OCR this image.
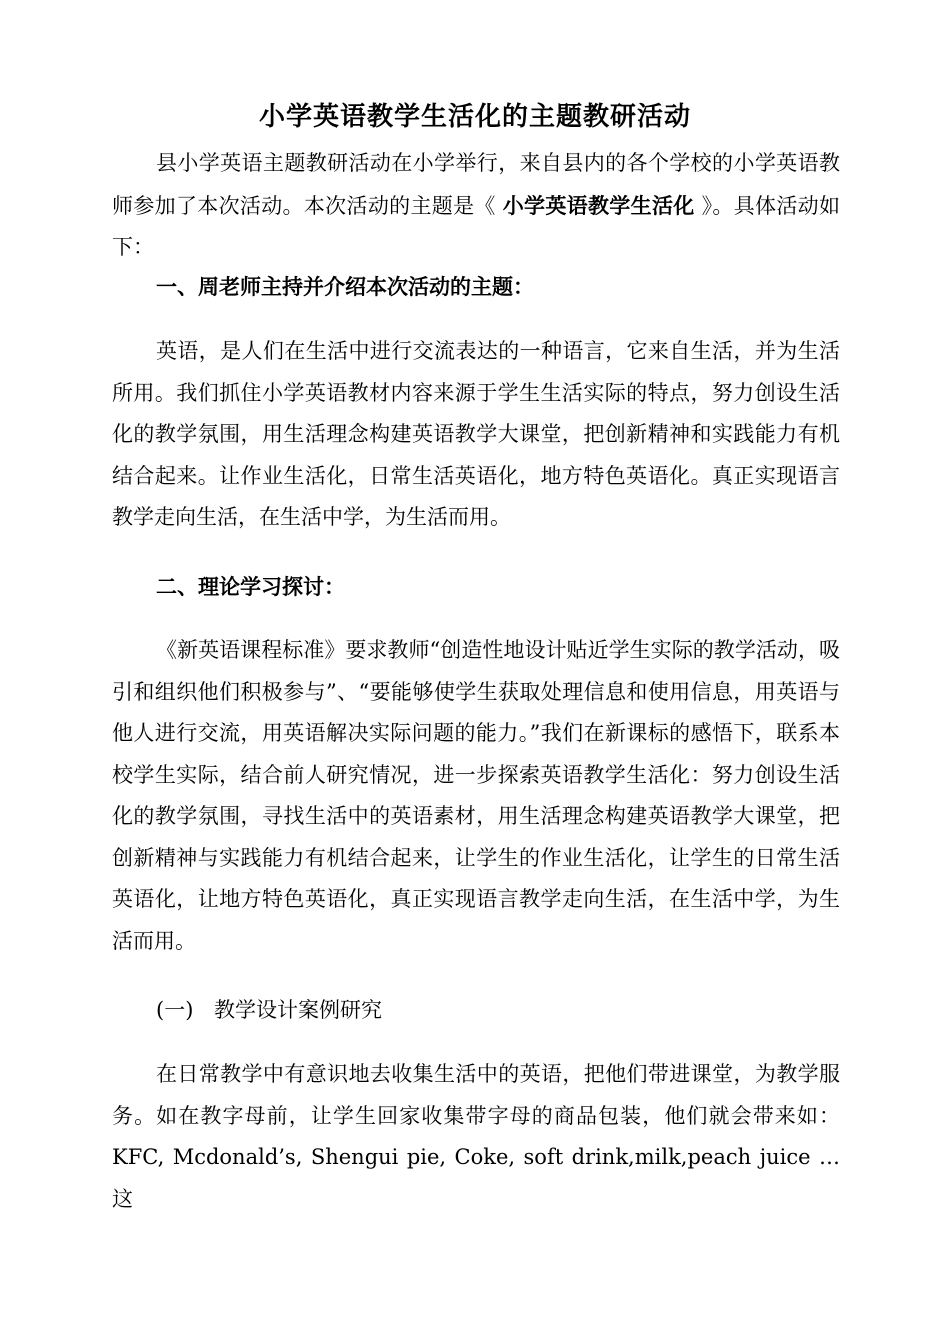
小学英语教学生活化的主题教研活动

县小学英语主题教研活动在小学举行，来自县内的各个学校的小学英语教师参加了本次活动。本次活动的主题是《 小学英语教学生活化 》。具体活动如下：

一、周老师主持并介绍本次活动的主题：

英语，是人们在生活中进行交流表达的一种语言，它来自生活，并为生活所用。我们抓住小学英语教材内容来源于学生生活实际的特点，努力创设生活化的教学氛围，用生活理念构建英语教学大课堂，把创新精神和实践能力有机结合起来。让作业生活化，日常生活英语化，地方特色英语化。真正实现语言教学走向生活，在生活中学，为生活而用。

二、理论学习探讨：

《新英语课程标准》要求教师“创造性地设计贴近学生实际的教学活动，吸引和组织他们积极参与”、“要能够使学生获取处理信息和使用信息，用英语与他人进行交流，用英语解决实际问题的能力。”我们在新课标的感悟下，联系本校学生实际，结合前人研究情况，进一步探索英语教学生活化：努力创设生活化的教学氛围，寻找生活中的英语素材，用生活理念构建英语教学大课堂，把创新精神与实践能力有机结合起来，让学生的作业生活化，让学生的日常生活英语化，让地方特色英语化，真正实现语言教学走向生活，在生活中学，为生活而用。

(一) 教学设计案例研究

在日常教学中有意识地去收集生活中的英语，把他们带进课堂，为教学服务。如在教字母前，让学生回家收集带字母的商品包装，他们就会带来如：KFC, Mcdonald’s, Shengui pie, Coke, soft drink,milk,peach juice …这
